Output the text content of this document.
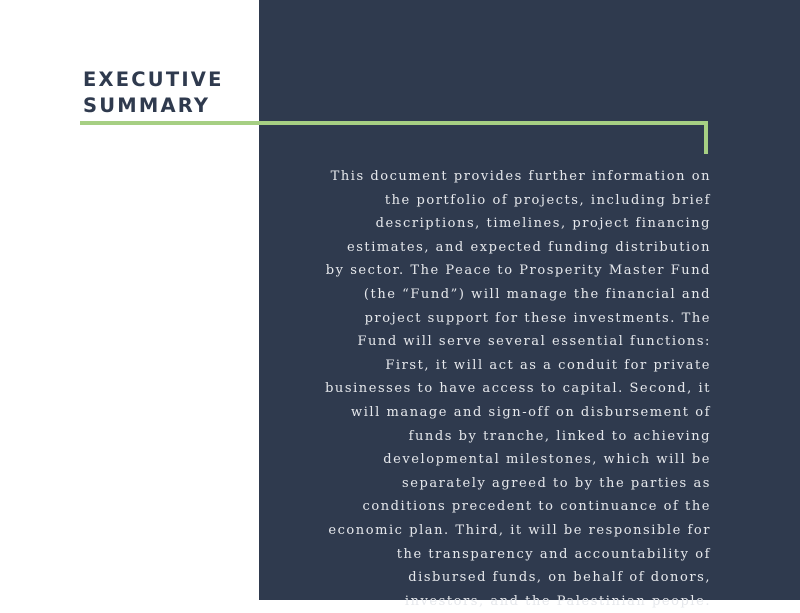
EXECUTIVE
SUMMARY

This document provides further information on
the portfolio of projects, including brief
descriptions, timelines, project financing
estimates, and expected funding distribution
by sector. The Peace to Prosperity Master Fund
(the “Fund”) will manage the financial and
project support for these investments. The
Fund will serve several essential functions:
First, it will act as a conduit for private
businesses to have access to capital. Second, it
will manage and sign-off on disbursement of
funds by tranche, linked to achieving
developmental milestones, which will be
separately agreed to by the parties as
conditions precedent to continuance of the
economic plan. Third, it will be responsible for
the transparency and accountability of
disbursed funds, on behalf of donors,
investors, and the Palestinian people.
